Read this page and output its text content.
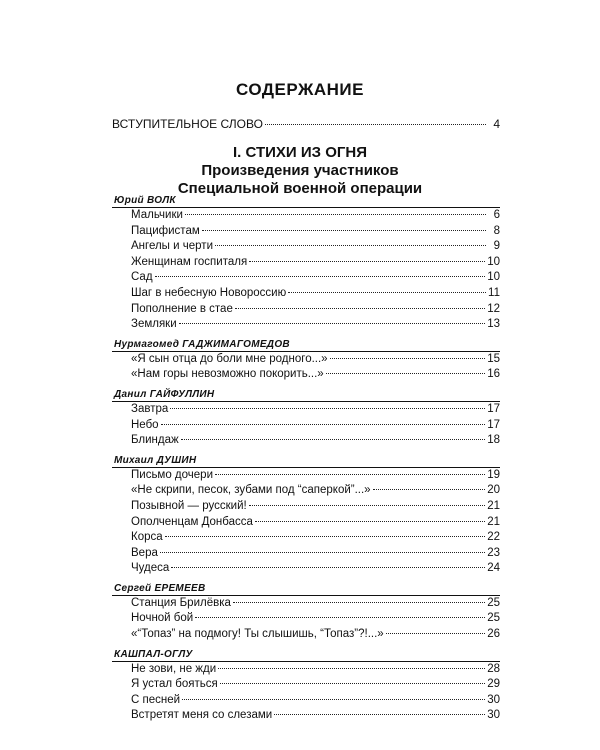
СОДЕРЖАНИЕ
ВСТУПИТЕЛЬНОЕ СЛОВО	4
I. СТИХИ ИЗ ОГНЯ
Произведения участников
Специальной военной операции
Юрий ВОЛК
Мальчики	6
Пацифистам	8
Ангелы и черти	9
Женщинам госпиталя	10
Сад	10
Шаг в небесную Новороссию	11
Пополнение в стае	12
Земляки	13
Нурмагомед ГАДЖИМАГОМЕДОВ
«Я сын отца до боли мне родного...»	15
«Нам горы невозможно покорить...»	16
Данил ГАЙФУЛЛИН
Завтра	17
Небо	17
Блиндаж	18
Михаил ДУШИН
Письмо дочери	19
«Не скрипи, песок, зубами под “саперкой”...»	20
Позывной — русский!	21
Ополченцам Донбасса	21
Корса	22
Вера	23
Чудеса	24
Сергей ЕРЕМЕЕВ
Станция Брилёвка	25
Ночной бой	25
«“Топаз” на подмогу! Ты слышишь, “Топаз”?!...»	26
КАШПАЛ-ОГЛУ
Не зови, не жди	28
Я устал бояться	29
С песней	30
Встретят меня со слезами	30
